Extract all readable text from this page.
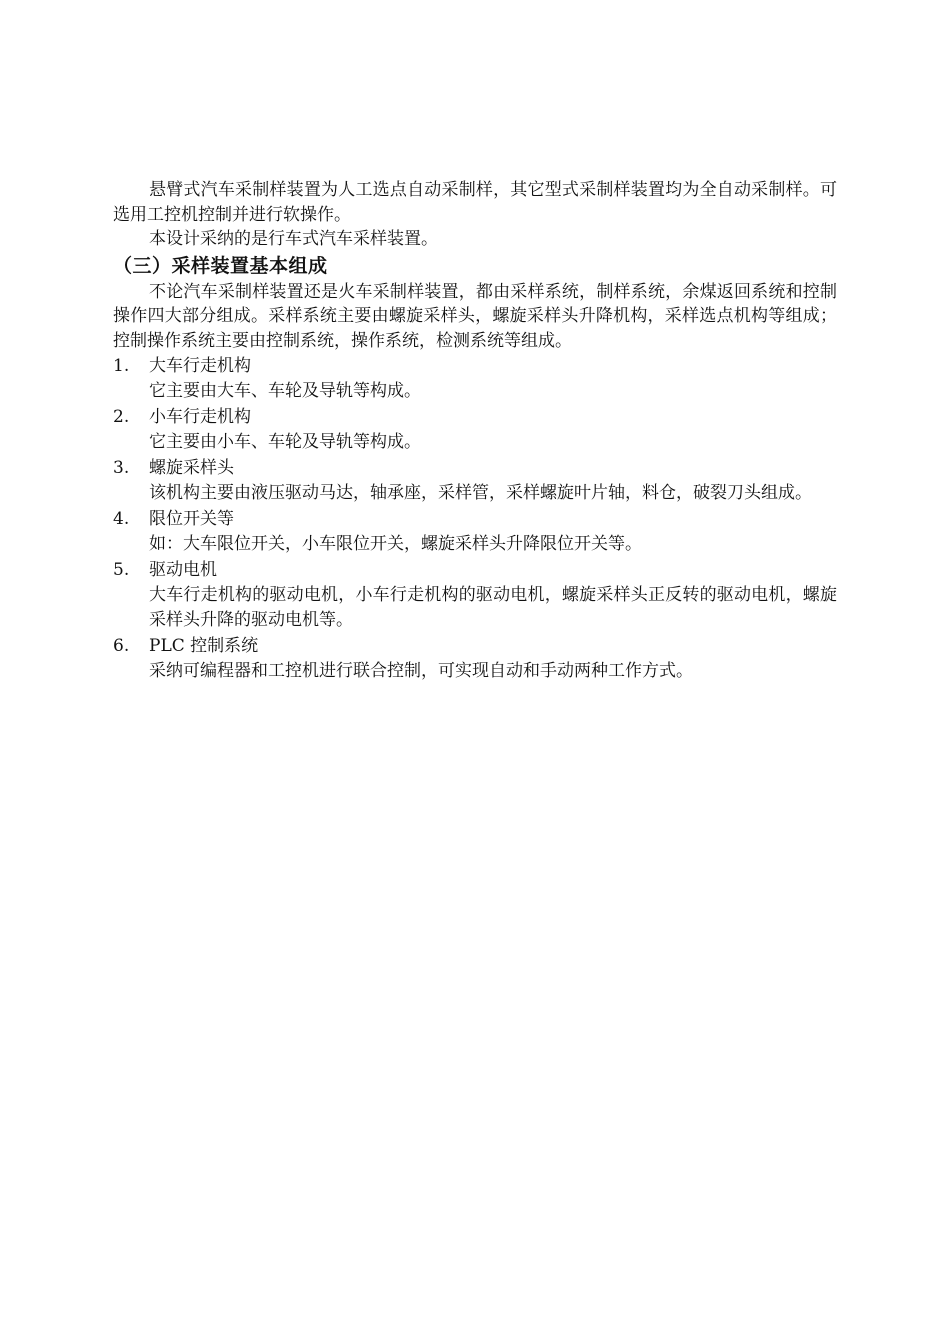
悬臂式汽车采制样装置为人工选点自动采制样，其它型式采制样装置均为全自动采制样。可选用工控机控制并进行软操作。

本设计采纳的是行车式汽车采样装置。

（三）采样装置基本组成

不论汽车采制样装置还是火车采制样装置，都由采样系统，制样系统，余煤返回系统和控制操作四大部分组成。采样系统主要由螺旋采样头，螺旋采样头升降机构，采样选点机构等组成；控制操作系统主要由控制系统，操作系统，检测系统等组成。

1.	大车行走机构

它主要由大车、车轮及导轨等构成。

2.	小车行走机构

它主要由小车、车轮及导轨等构成。

3.	螺旋采样头

该机构主要由液压驱动马达，轴承座，采样管，采样螺旋叶片轴，料仓，破裂刀头组成。

4.	限位开关等

如：大车限位开关，小车限位开关，螺旋采样头升降限位开关等。

5.	驱动电机

大车行走机构的驱动电机，小车行走机构的驱动电机，螺旋采样头正反转的驱动电机，螺旋采样头升降的驱动电机等。

6.	PLC 控制系统

采纳可编程器和工控机进行联合控制，可实现自动和手动两种工作方式。
